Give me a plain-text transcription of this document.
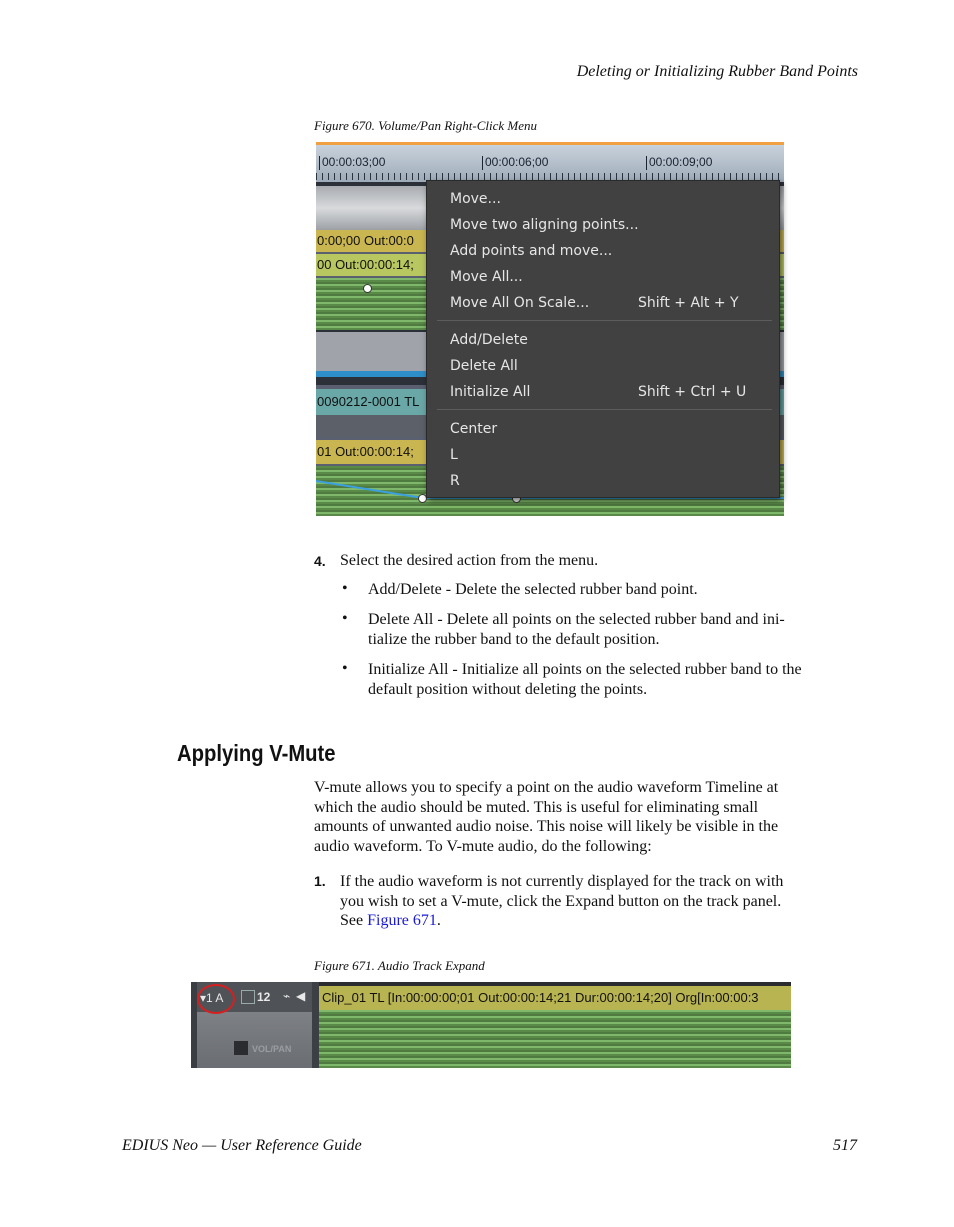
Deleting or Initializing Rubber Band Points
Figure 670. Volume/Pan Right-Click Menu
00:00:03;00	00:00:06;00	00:00:09;00
0:00;00 Out:00:0
00 Out:00:00:14;
0090212-0001 TL
01 Out:00:00:14;
Move...
Move two aligning points...
Add points and move...
Move All...
Move All On Scale...	Shift + Alt + Y
Add/Delete
Delete All
Initialize All	Shift + Ctrl + U
Center
L
R
4. Select the desired action from the menu.
• Add/Delete - Delete the selected rubber band point.
• Delete All - Delete all points on the selected rubber band and ini-
tialize the rubber band to the default position.
• Initialize All - Initialize all points on the selected rubber band to the
default position without deleting the points.
Applying V-Mute
V-mute allows you to specify a point on the audio waveform Timeline at
which the audio should be muted. This is useful for eliminating small
amounts of unwanted audio noise. This noise will likely be visible in the
audio waveform. To V-mute audio, do the following:
1. If the audio waveform is not currently displayed for the track on with
you wish to set a V-mute, click the Expand button on the track panel.
See Figure 671.
Figure 671. Audio Track Expand
▾1 A	12 ⌁ ◀
VOL/PAN
Clip_01 TL [In:00:00:00;01 Out:00:00:14;21 Dur:00:00:14;20] Org[In:00:00:3
EDIUS Neo — User Reference Guide	517
